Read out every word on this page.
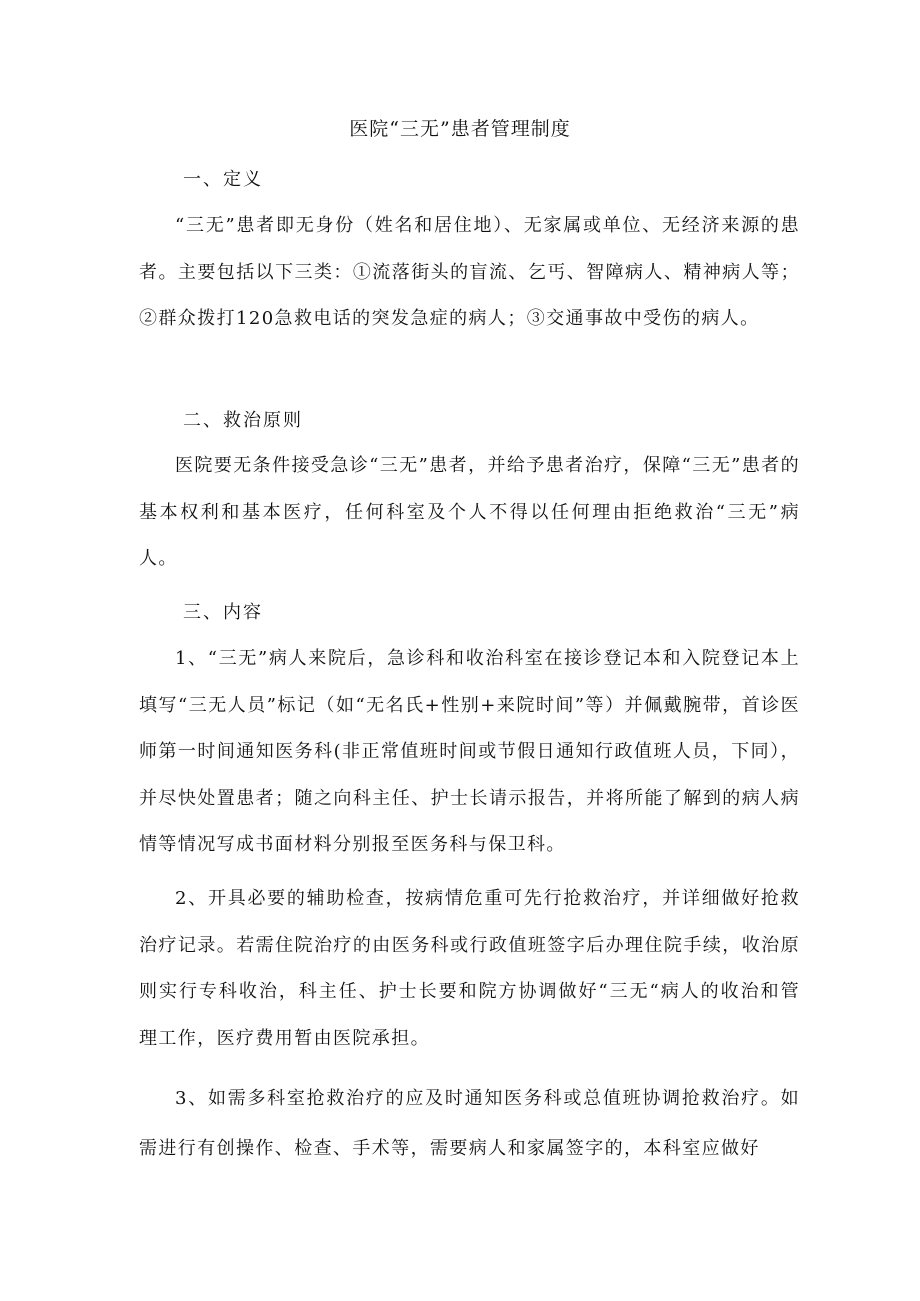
医院“三无”患者管理制度
一、定义
“三无”患者即无身份（姓名和居住地）、无家属或单位、无经济来源的患者。主要包括以下三类：①流落街头的盲流、乞丐、智障病人、精神病人等；②群众拨打120急救电话的突发急症的病人；③交通事故中受伤的病人。
二、救治原则
医院要无条件接受急诊“三无”患者，并给予患者治疗，保障“三无”患者的基本权利和基本医疗，任何科室及个人不得以任何理由拒绝救治“三无”病人。
三、内容
1、“三无”病人来院后，急诊科和收治科室在接诊登记本和入院登记本上填写“三无人员”标记（如“无名氏+性别+来院时间”等）并佩戴腕带，首诊医师第一时间通知医务科(非正常值班时间或节假日通知行政值班人员，下同），并尽快处置患者；随之向科主任、护士长请示报告，并将所能了解到的病人病情等情况写成书面材料分别报至医务科与保卫科。
2、开具必要的辅助检查，按病情危重可先行抢救治疗，并详细做好抢救治疗记录。若需住院治疗的由医务科或行政值班签字后办理住院手续，收治原则实行专科收治，科主任、护士长要和院方协调做好“三无“病人的收治和管理工作，医疗费用暂由医院承担。
3、如需多科室抢救治疗的应及时通知医务科或总值班协调抢救治疗。如需进行有创操作、检查、手术等，需要病人和家属签字的，本科室应做好
